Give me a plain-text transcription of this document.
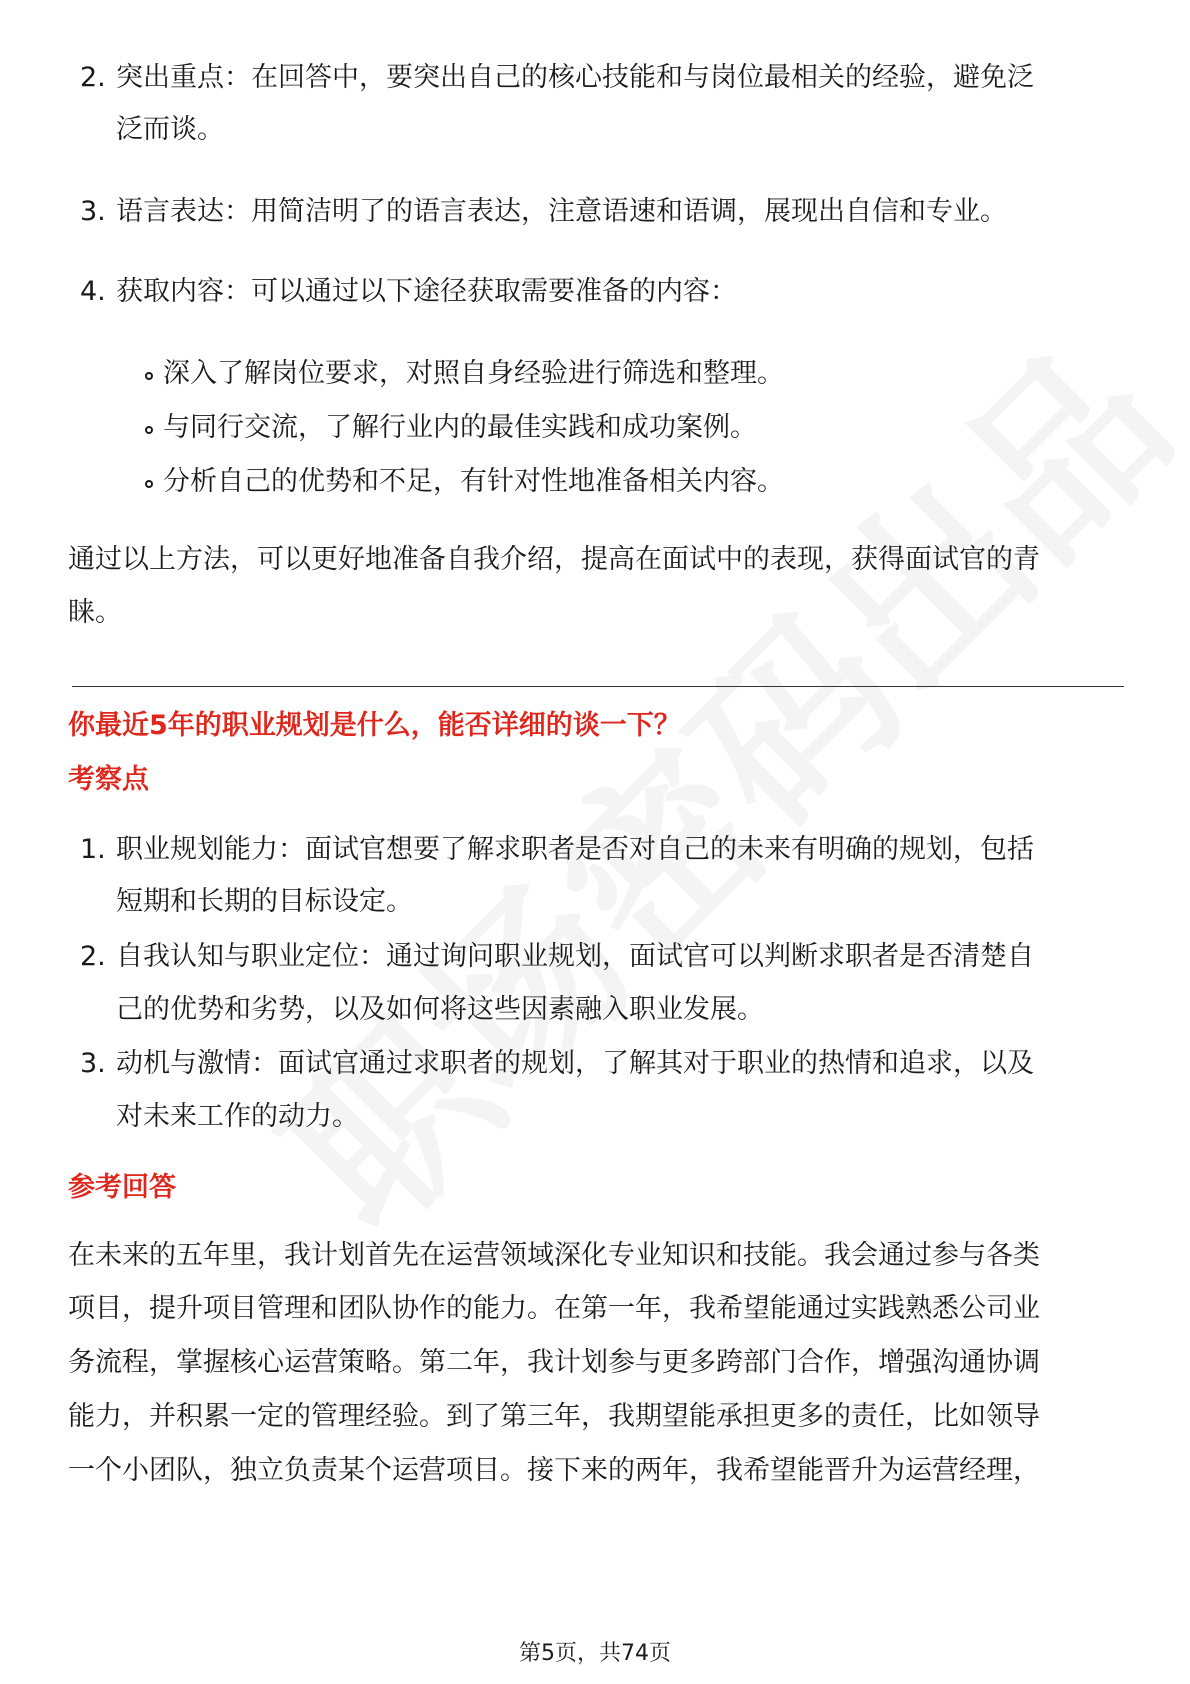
2. 突出重点：在回答中，要突出自己的核心技能和与岗位最相关的经验，避免泛
泛而谈。
3. 语言表达：用简洁明了的语言表达，注意语速和语调，展现出自信和专业。
4. 获取内容：可以通过以下途径获取需要准备的内容：
深入了解岗位要求，对照自身经验进行筛选和整理。
与同行交流，了解行业内的最佳实践和成功案例。
分析自己的优势和不足，有针对性地准备相关内容。
通过以上方法，可以更好地准备自我介绍，提高在面试中的表现，获得面试官的青
睐。
你最近5年的职业规划是什么，能否详细的谈一下？
考察点
1. 职业规划能力：面试官想要了解求职者是否对自己的未来有明确的规划，包括
短期和长期的目标设定。
2. 自我认知与职业定位：通过询问职业规划，面试官可以判断求职者是否清楚自
己的优势和劣势，以及如何将这些因素融入职业发展。
3. 动机与激情：面试官通过求职者的规划，了解其对于职业的热情和追求，以及
对未来工作的动力。
参考回答
在未来的五年里，我计划首先在运营领域深化专业知识和技能。我会通过参与各类
项目，提升项目管理和团队协作的能力。在第一年，我希望能通过实践熟悉公司业
务流程，掌握核心运营策略。第二年，我计划参与更多跨部门合作，增强沟通协调
能力，并积累一定的管理经验。到了第三年，我期望能承担更多的责任，比如领导
一个小团队，独立负责某个运营项目。接下来的两年，我希望能晋升为运营经理，
第5页，共74页
